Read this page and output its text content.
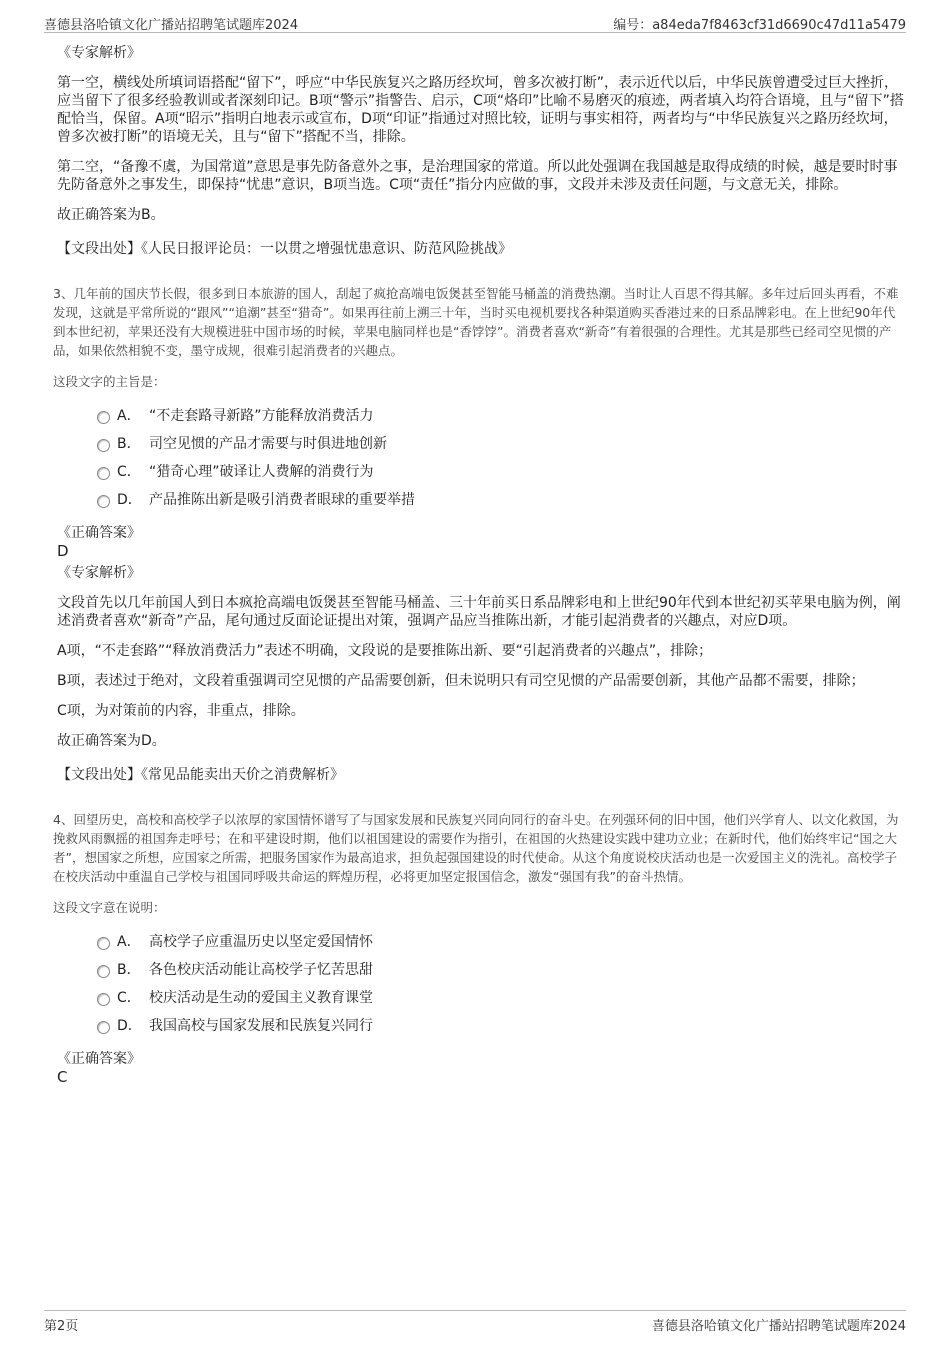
喜德县洛哈镇文化广播站招聘笔试题库2024	编号：a84eda7f8463cf31d6690c47d11a5479
《专家解析》
第一空，横线处所填词语搭配“留下”，呼应“中华民族复兴之路历经坎坷，曾多次被打断”，表示近代以后，中华民族曾遭受过巨大挫折，应当留下了很多经验教训或者深刻印记。B项“警示”指警告、启示，C项“烙印”比喻不易磨灭的痕迹，两者填入均符合语境，且与“留下”搭配恰当，保留。A项“昭示”指明白地表示或宣布，D项“印证”指通过对照比较，证明与事实相符，两者均与“中华民族复兴之路历经坎坷，曾多次被打断”的语境无关，且与“留下”搭配不当，排除。
第二空，“备豫不虞，为国常道”意思是事先防备意外之事，是治理国家的常道。所以此处强调在我国越是取得成绩的时候，越是要时时事先防备意外之事发生，即保持“忧患”意识，B项当选。C项“责任”指分内应做的事，文段并未涉及责任问题，与文意无关，排除。
故正确答案为B。
【文段出处】《人民日报评论员：一以贯之增强忧患意识、防范风险挑战》
3、几年前的国庆节长假，很多到日本旅游的国人，刮起了疯抢高端电饭煲甚至智能马桶盖的消费热潮。当时让人百思不得其解。多年过后回头再看，不难发现，这就是平常所说的“跟风”“追潮”甚至“猎奇”。如果再往前上溯三十年，当时买电视机要找各种渠道购买香港过来的日系品牌彩电。在上世纪90年代到本世纪初，苹果还没有大规模进驻中国市场的时候，苹果电脑同样也是“香饽饽”。消费者喜欢“新奇”有着很强的合理性。尤其是那些已经司空见惯的产品，如果依然相貌不变，墨守成规，很难引起消费者的兴趣点。
这段文字的主旨是：
A． “不走套路寻新路”方能释放消费活力
B． 司空见惯的产品才需要与时俱进地创新
C． “猎奇心理”破译让人费解的消费行为
D． 产品推陈出新是吸引消费者眼球的重要举措
《正确答案》
D
《专家解析》
文段首先以几年前国人到日本疯抢高端电饭煲甚至智能马桶盖、三十年前买日系品牌彩电和上世纪90年代到本世纪初买苹果电脑为例，阐述消费者喜欢“新奇”产品，尾句通过反面论证提出对策，强调产品应当推陈出新，才能引起消费者的兴趣点，对应D项。
A项，“不走套路”“释放消费活力”表述不明确，文段说的是要推陈出新、要“引起消费者的兴趣点”，排除；
B项，表述过于绝对，文段着重强调司空见惯的产品需要创新，但未说明只有司空见惯的产品需要创新，其他产品都不需要，排除；
C项，为对策前的内容，非重点，排除。
故正确答案为D。
【文段出处】《常见品能卖出天价之消费解析》
4、回望历史，高校和高校学子以浓厚的家国情怀谱写了与国家发展和民族复兴同向同行的奋斗史。在列强环伺的旧中国，他们兴学育人、以文化救国，为挽救风雨飘摇的祖国奔走呼号；在和平建设时期，他们以祖国建设的需要作为指引，在祖国的火热建设实践中建功立业；在新时代，他们始终牢记“国之大者”，想国家之所想，应国家之所需，把服务国家作为最高追求，担负起强国建设的时代使命。从这个角度说校庆活动也是一次爱国主义的洗礼。高校学子在校庆活动中重温自己学校与祖国同呼吸共命运的辉煌历程，必将更加坚定报国信念，激发“强国有我”的奋斗热情。
这段文字意在说明：
A． 高校学子应重温历史以坚定爱国情怀
B． 各色校庆活动能让高校学子忆苦思甜
C． 校庆活动是生动的爱国主义教育课堂
D． 我国高校与国家发展和民族复兴同行
《正确答案》
C
第2页	喜德县洛哈镇文化广播站招聘笔试题库2024
